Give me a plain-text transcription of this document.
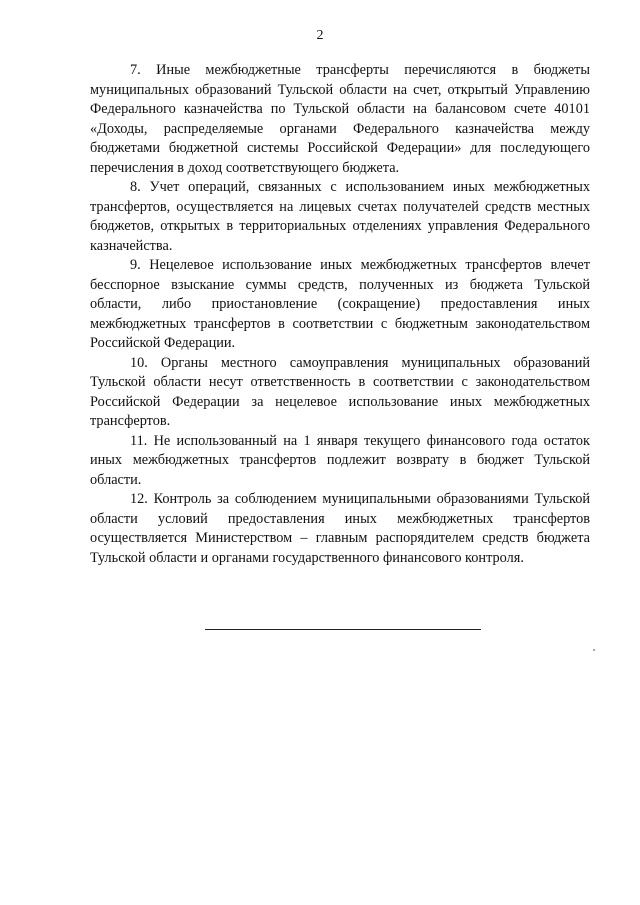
2

7. Иные межбюджетные трансферты перечисляются в бюджеты муниципальных образований Тульской области на счет, открытый Управлению Федерального казначейства по Тульской области на балансовом счете 40101 «Доходы, распределяемые органами Федерального казначейства между бюджетами бюджетной системы Российской Федерации» для последующего перечисления в доход соответствующего бюджета.

8. Учет операций, связанных с использованием иных межбюджетных трансфертов, осуществляется на лицевых счетах получателей средств местных бюджетов, открытых в территориальных отделениях управления Федерального казначейства.

9. Нецелевое использование иных межбюджетных трансфертов влечет бесспорное взыскание суммы средств, полученных из бюджета Тульской области, либо приостановление (сокращение) предоставления иных межбюджетных трансфертов в соответствии с бюджетным законодательством Российской Федерации.

10. Органы местного самоуправления муниципальных образований Тульской области несут ответственность в соответствии с законодательством Российской Федерации за нецелевое использование иных межбюджетных трансфертов.

11. Не использованный на 1 января текущего финансового года остаток иных межбюджетных трансфертов подлежит возврату в бюджет Тульской области.

12. Контроль за соблюдением муниципальными образованиями Тульской области условий предоставления иных межбюджетных трансфертов осуществляется Министерством – главным распорядителем средств бюджета Тульской области и органами государственного финансового контроля.
